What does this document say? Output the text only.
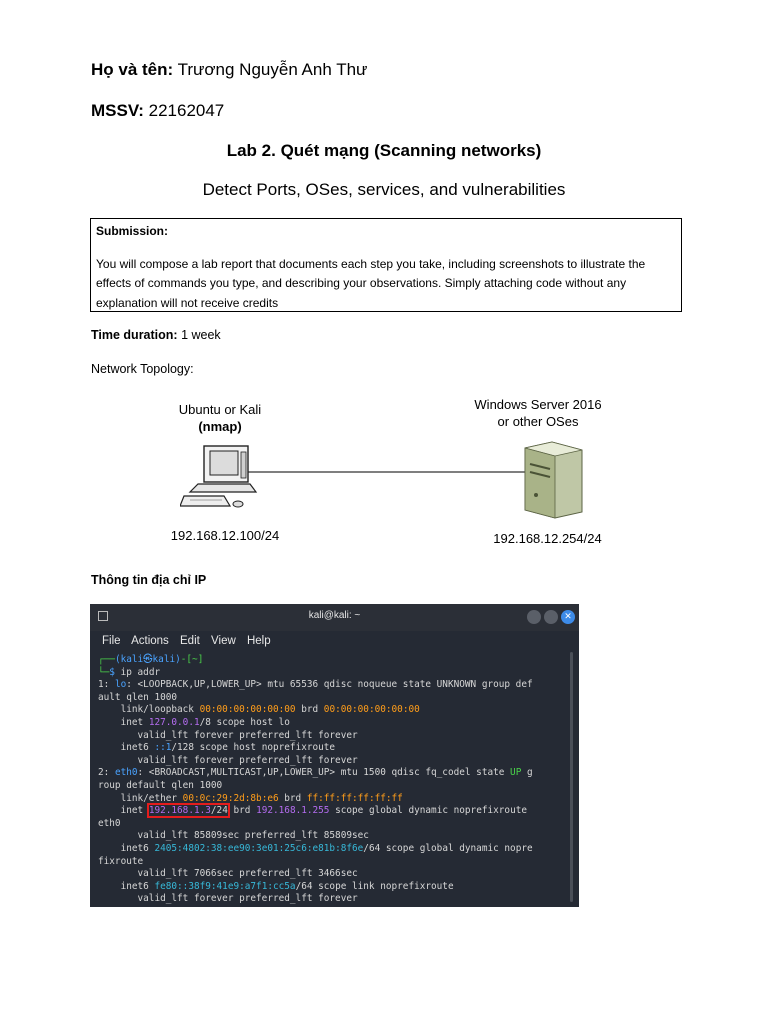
Họ và tên: Trương Nguyễn Anh Thư
MSSV: 22162047
Lab 2. Quét mạng (Scanning networks)
Detect Ports, OSes, services, and vulnerabilities
Submission:
You will compose a lab report that documents each step you take, including screenshots to illustrate the effects of commands you type, and describing your observations. Simply attaching code without any explanation will not receive credits
Time duration: 1 week
Network Topology:
Ubuntu or Kali
(nmap)
Windows Server 2016
or other OSes
192.168.12.100/24	192.168.12.254/24
Thông tin địa chỉ IP
kali@kali: ~	✕
File Actions Edit View Help
┌──(kali㉿kali)-[~]
└─$ ip addr
1: lo: <LOOPBACK,UP,LOWER_UP> mtu 65536 qdisc noqueue state UNKNOWN group def
ault qlen 1000
link/loopback 00:00:00:00:00:00 brd 00:00:00:00:00:00
inet 127.0.0.1/8 scope host lo
valid_lft forever preferred_lft forever
inet6 ::1/128 scope host noprefixroute
valid_lft forever preferred_lft forever
2: eth0: <BROADCAST,MULTICAST,UP,LOWER_UP> mtu 1500 qdisc fq_codel state UP g
roup default qlen 1000
link/ether 00:0c:29:2d:8b:e6 brd ff:ff:ff:ff:ff:ff
inet 192.168.1.3/24 brd 192.168.1.255 scope global dynamic noprefixroute
eth0
valid_lft 85809sec preferred_lft 85809sec
inet6 2405:4802:38:ee90:3e01:25c6:e81b:8f6e/64 scope global dynamic nopre
fixroute
valid_lft 7066sec preferred_lft 3466sec
inet6 fe80::38f9:41e9:a7f1:cc5a/64 scope link noprefixroute
valid_lft forever preferred_lft forever
